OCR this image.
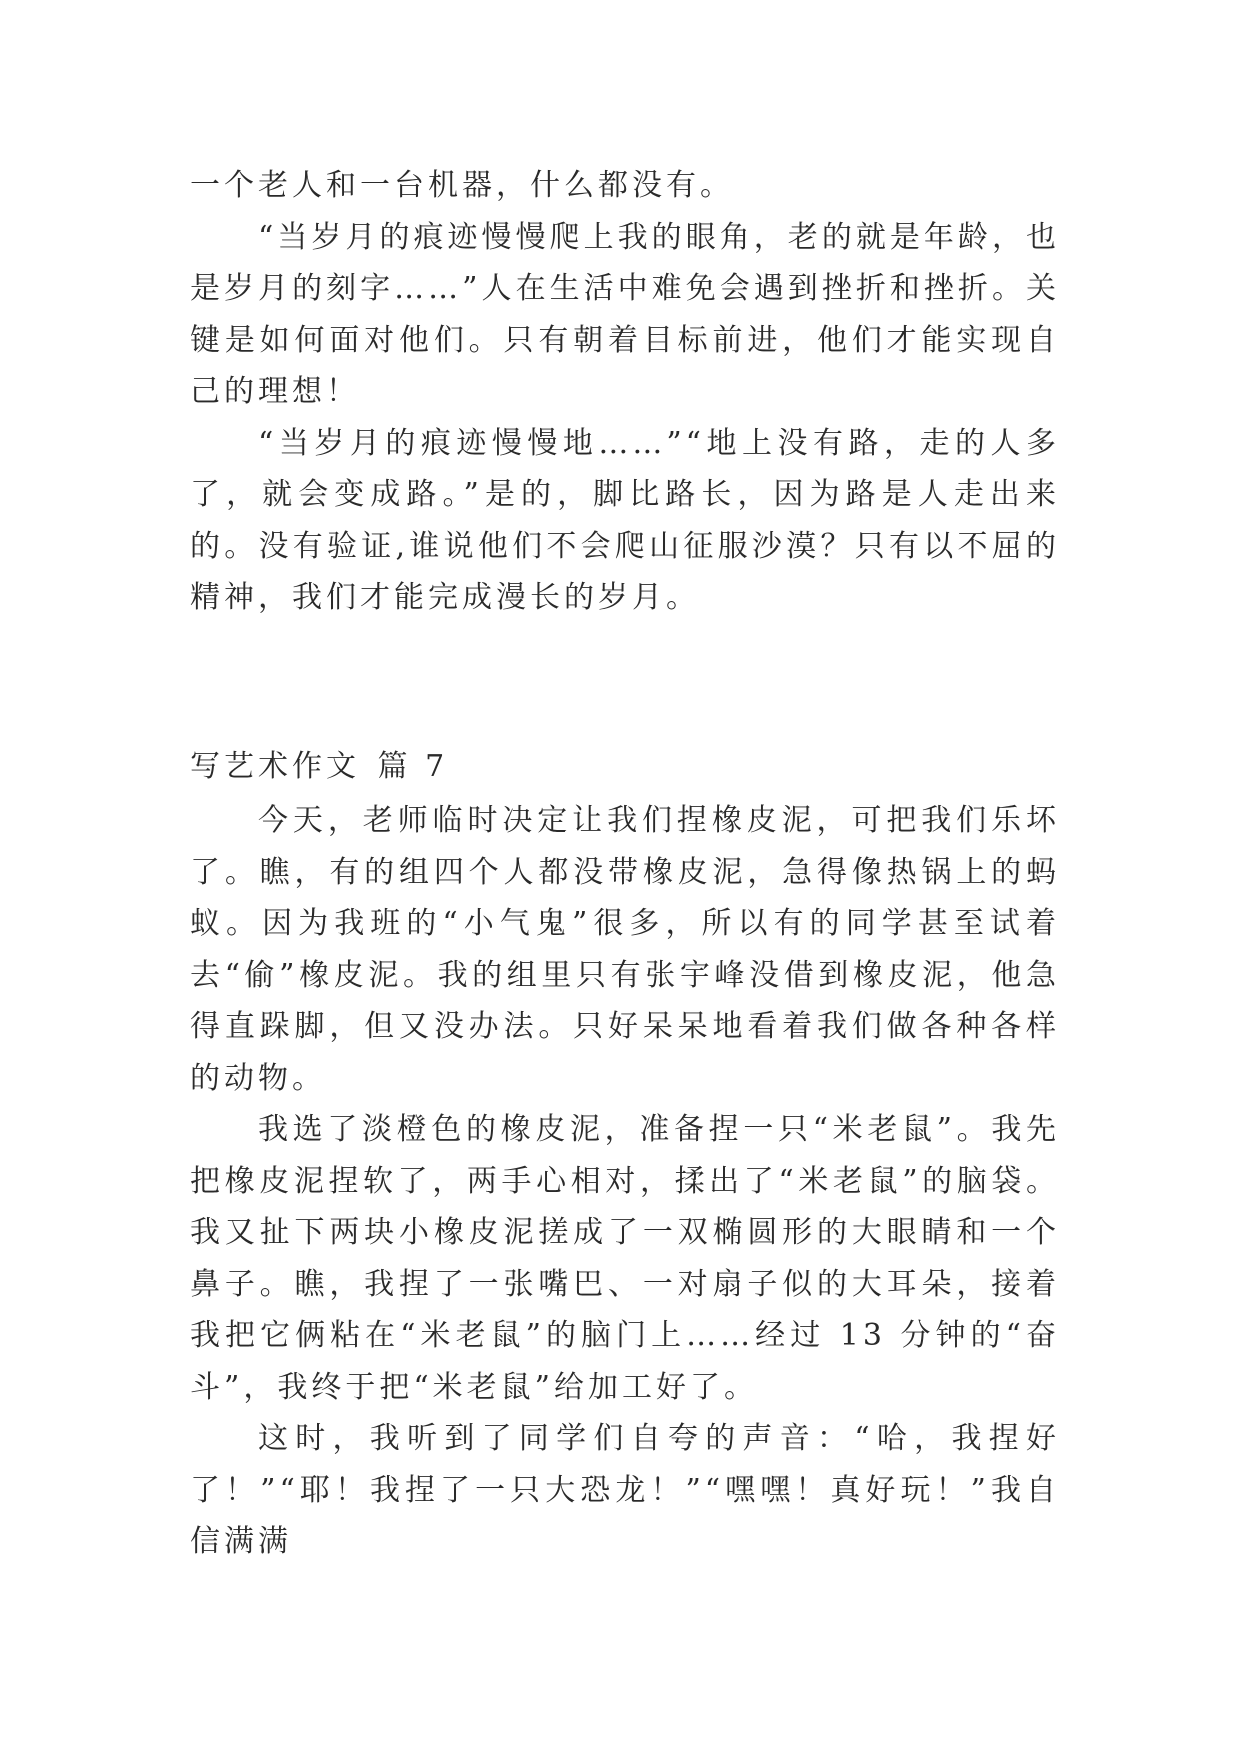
一个老人和一台机器，什么都没有。

“当岁月的痕迹慢慢爬上我的眼角，老的就是年龄，也是岁月的刻字……”人在生活中难免会遇到挫折和挫折。关键是如何面对他们。只有朝着目标前进，他们才能实现自己的理想！

“当岁月的痕迹慢慢地……”“地上没有路，走的人多了，就会变成路。”是的，脚比路长，因为路是人走出来的。没有验证,谁说他们不会爬山征服沙漠？只有以不屈的精神，我们才能完成漫长的岁月。

写艺术作文 篇 7

今天，老师临时决定让我们捏橡皮泥，可把我们乐坏了。瞧，有的组四个人都没带橡皮泥，急得像热锅上的蚂蚁。因为我班的“小气鬼”很多，所以有的同学甚至试着去“偷”橡皮泥。我的组里只有张宇峰没借到橡皮泥，他急得直跺脚，但又没办法。只好呆呆地看着我们做各种各样的动物。

我选了淡橙色的橡皮泥，准备捏一只“米老鼠”。我先把橡皮泥捏软了，两手心相对，揉出了“米老鼠”的脑袋。我又扯下两块小橡皮泥搓成了一双椭圆形的大眼睛和一个鼻子。瞧，我捏了一张嘴巴、一对扇子似的大耳朵，接着我把它俩粘在“米老鼠”的脑门上……经过 13 分钟的“奋斗”，我终于把“米老鼠”给加工好了。

这时，我听到了同学们自夸的声音：“哈，我捏好了！”“耶！我捏了一只大恐龙！”“嘿嘿！真好玩！”我自信满满
